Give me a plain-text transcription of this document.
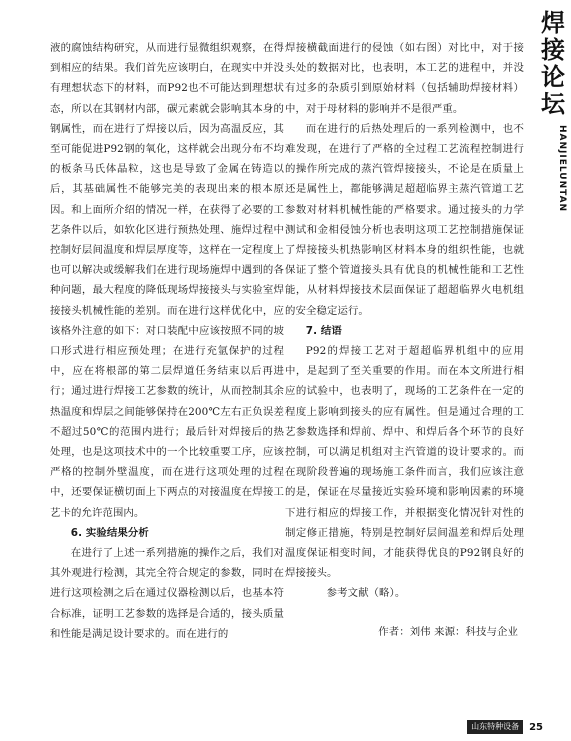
焊
接
论
坛
HANJIELUNTAN

液的腐蚀结构研究，从而进行显微组织观察，在得到相应的结果。我们首先应该明白，在现实中并没有理想状态下的材料，而P92也不可能达到理想状态，所以在其钢材内部，碳元素就会影响其本身的钢属性，而在进行了焊接以后，因为高温反应，其至可能促进P92钢的氧化，这样就会出现分布不均的板条马氏体晶粒，这也是导致了金属在铸造以后，其基础属性不能够完美的表现出来的根本原因。和上面所介绍的情况一样，在获得了必要的工艺条件以后，如软化区进行预热处理、施焊过程中控制好层间温度和焊层厚度等，这样在一定程度上也可以解决或缓解我们在进行现场施焊中遇到的各种问题，最大程度的降低现场焊接接头与实验室焊接接头机械性能的差别。而在进行这样优化中，应该格外注意的如下：对口装配中应该按照不同的坡口形式进行相应预处理；在进行充氩保护的过程中，应在将根部的第二层焊道任务结束以后再进行；通过进行焊接工艺参数的统计，从而控制其余热温度和焊层之间能够保持在200℃左右正负误差不超过50℃的范围内进行；最后针对焊接后的热处理，也是这项技术中的一个比较重要工序，应该严格的控制外壁温度，而在进行这项处理的过程中，还要保证横切面上下两点的对接温度在焊接工艺卡的允许范围内。

6. 实验结果分析

在进行了上述一系列措施的操作之后，我们对其外观进行检测，其完全符合规定的参数，同时在进行这项检测之后在通过仪器检测以后，也基本符合标准，证明工艺参数的选择是合适的，接头质量和性能是满足设计要求的。而在进行的

焊接横截面进行的侵蚀（如右图）对比中，对于接头处的数据对比，也表明，本工艺的进程中，并没有过多的杂质引到原始材料（包括辅助焊接材料）中，对于母材料的影响并不是很严重。

而在进行的后热处理后的一系列检测中，也不难发现，在进行了严格的全过程工艺流程控制进行的操作所完成的蒸汽管焊接接头，不论是在质量上还是属性上，都能够满足超超临界主蒸汽管道工艺参数对材料机械性能的严格要求。通过接头的力学测试和金相侵蚀分析也表明这项工艺控制措施保证了焊接接头机热影响区材料本身的组织性能，也就保证了整个管道接头具有优良的机械性能和工艺性能，从材料焊接技术层面保证了超超临界火电机组的安全稳定运行。

7. 结语

P92的焊接工艺对于超超临界机组中的应用中，是起到了至关重要的作用。而在本文所进行相应的试验中，也表明了，现场的工艺条件在一定的程度上影响到接头的应有属性。但是通过合理的工艺参数选择和焊前、焊中、和焊后各个环节的良好控制，可以满足机组对主汽管道的设计要求的。而在现阶段普遍的现场施工条件而言，我们应该注意的是，保证在尽量接近实验环境和影响因素的环境下进行相应的焊接工作，并根据变化情况针对性的制定修正措施，特别是控制好层间温差和焊后处理温度保证相变时间，才能获得优良的P92钢良好的焊接接头。

参考文献（略）。

作者：刘伟 来源：科技与企业

山东特种设备	25
